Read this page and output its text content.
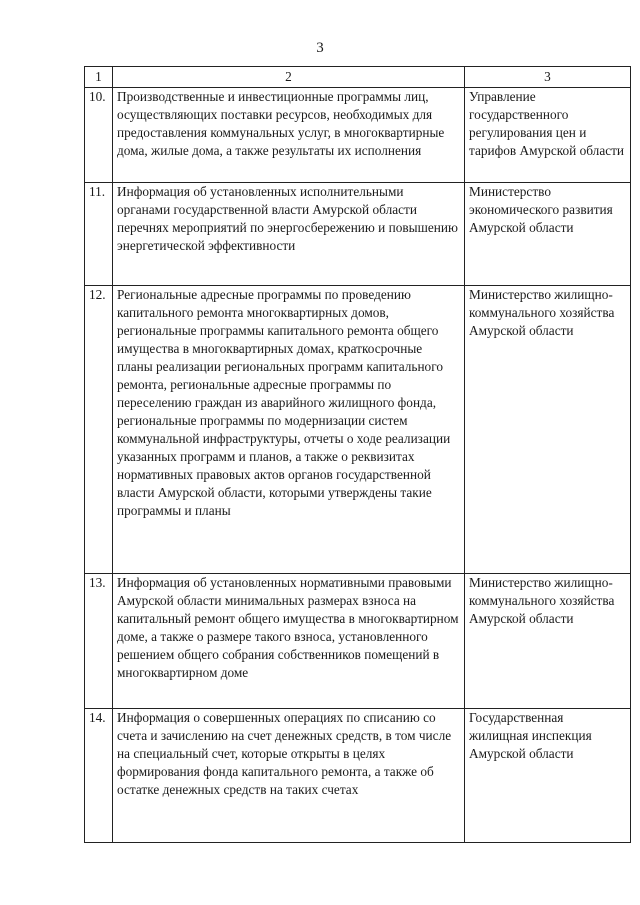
3
1	2	3
10.	Производственные и инвестиционные программы лиц, осуществляющих поставки ресурсов, необходимых для предоставления коммунальных услуг, в многоквартирные дома, жилые дома, а также результаты их исполнения	Управление государственного регулирования цен и тарифов Амурской области
11.	Информация об установленных исполнительными органами государственной власти Амурской области перечнях мероприятий по энергосбережению и повышению энергетической эффективности	Министерство экономического развития Амурской области
12.	Региональные адресные программы по проведению капитального ремонта многоквартирных домов, региональные программы капитального ремонта общего имущества в многоквартирных домах, краткосрочные планы реализации региональных программ капитального ремонта, региональные адресные программы по переселению граждан из аварийного жилищного фонда, региональные программы по модернизации систем коммунальной инфраструктуры, отчеты о ходе реализации указанных программ и планов, а также о реквизитах нормативных правовых актов органов государственной власти Амурской области, которыми утверждены такие программы и планы	Министерство жилищно-коммунального хозяйства Амурской области
13.	Информация об установленных нормативными правовыми Амурской области минимальных размерах взноса на капитальный ремонт общего имущества в многоквартирном доме, а также о размере такого взноса, установленного решением общего собрания собственников помещений в многоквартирном доме	Министерство жилищно-коммунального хозяйства Амурской области
14.	Информация о совершенных операциях по списанию со счета и зачислению на счет денежных средств, в том числе на специальный счет, которые открыты в целях формирования фонда капитального ремонта, а также об остатке денежных средств на таких счетах	Государственная жилищная инспекция Амурской области
